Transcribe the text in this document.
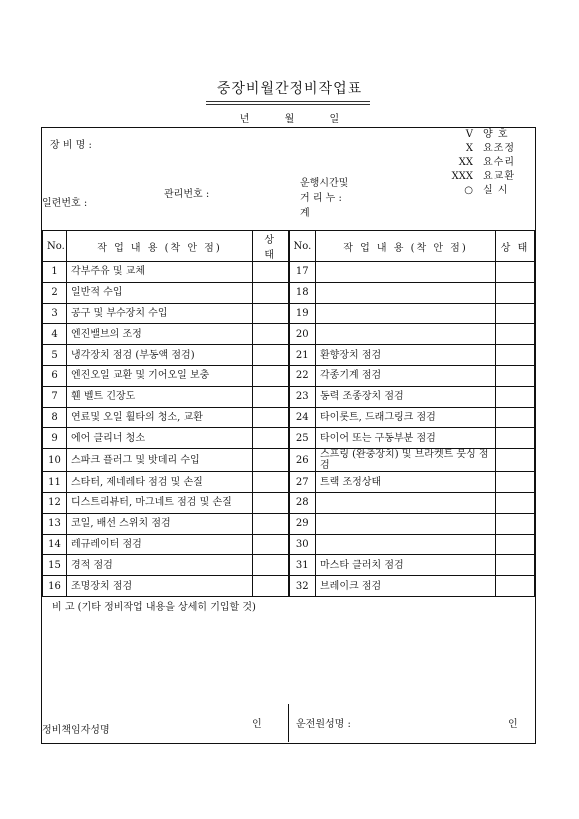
중장비월간정비작업표
년	월	일
장 비 명 :
일련번호 :
관리번호 :
운행시간및
거 리 누 :
계
V	양 호
X	요조정
XX	요수리
XXX	요교환
○	실 시
No.	작 업 내 용 (착 안 점)	상 태	No.	작 업 내 용 (착 안 점)	상 태
1	각부주유 및 교체		17		
2	일반적 수입		18		
3	공구 및 부수장치 수입		19		
4	엔진밸브의 조정		20		
5	냉각장치 점검 (부동액 점검)		21	환향장치 점검	
6	엔진오일 교환 및 기어오일 보충		22	각종기계 점검	
7	휀 벨트 긴장도		23	동력 조종장치 점검	
8	연료및 오일 휠타의 청소, 교환		24	타이롯트, 드래그링크 점검	
9	에어 클리너 청소		25	타이어 또는 구동부분 점검	
10	스파크 플러그 및 밧데리 수입		26	스프링 (완충장치) 및 브라켓트 붓싱 점검	
11	스타터, 제네레타 점검 및 손질		27	트랙 조정상태	
12	디스트리뷰터, 마그네트 점검 및 손질		28		
13	코일, 배선 스위치 점검		29		
14	레규레이터 점검		30		
15	경적 점검		31	마스타 클러치 점검	
16	조명장치 점검		32	브레이크 점검	
비 고 (기타 정비작업 내용을 상세히 기입할 것)
정비책임자성명
인	운전원성명 :	인
